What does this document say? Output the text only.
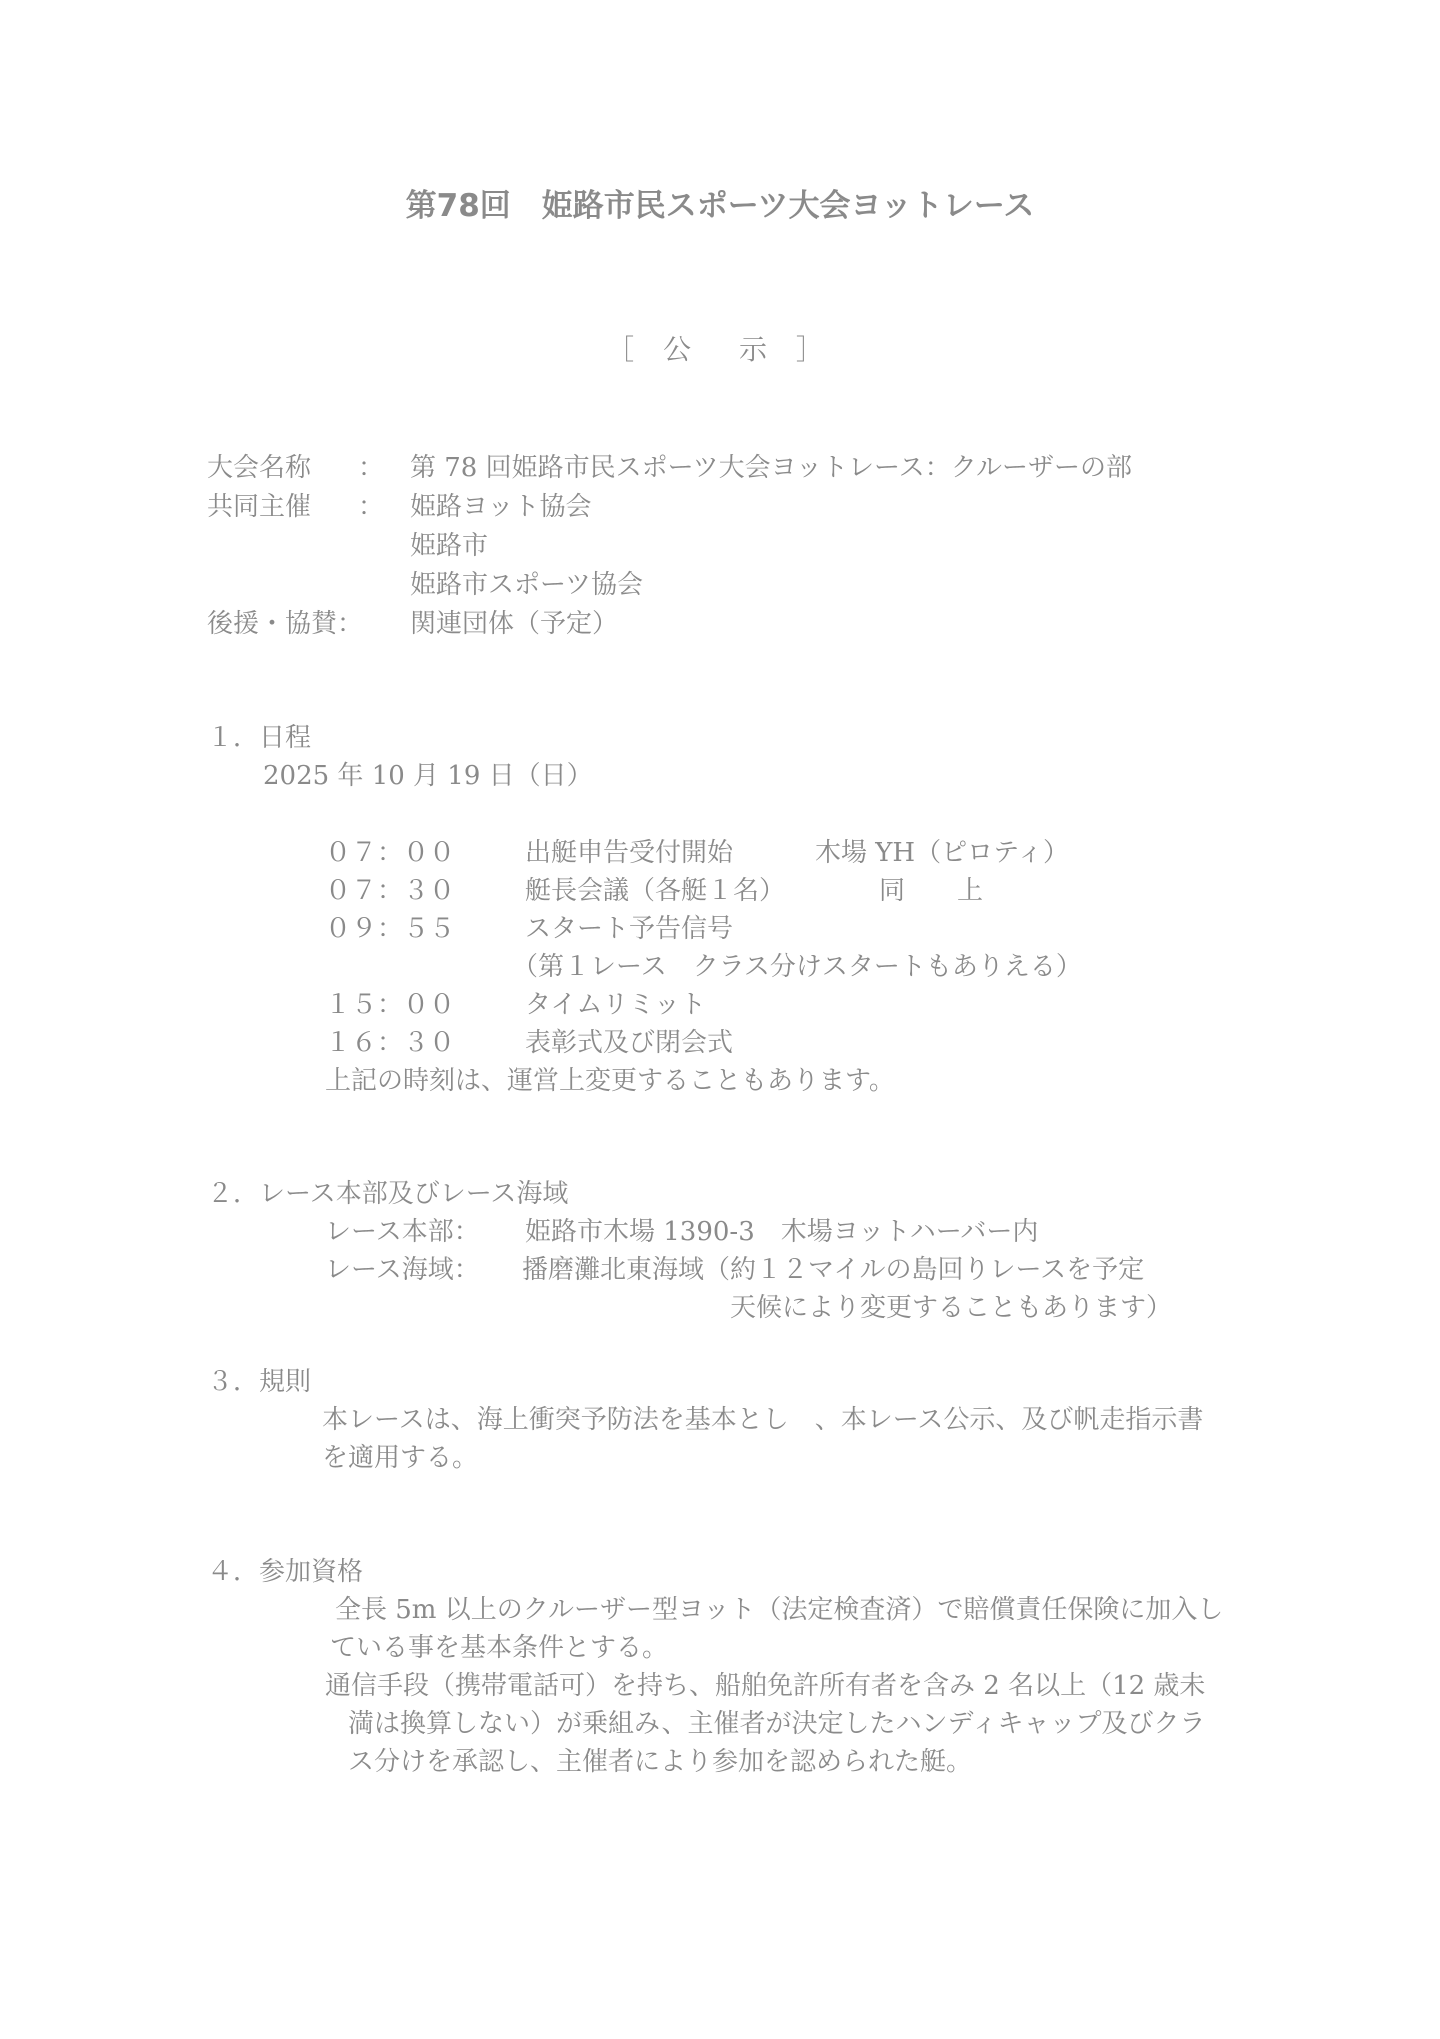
第78回　姫路市民スポーツ大会ヨットレース
［ 公　示 ］
大会名称 ： 第 78 回姫路市民スポーツ大会ヨットレース：クルーザーの部
共同主催 ： 姫路ヨット協会
姫路市
姫路市スポーツ協会
後援・協賛： 関連団体（予定）
１．日程
2025 年 10 月 19 日（日）
０７：００	出艇申告受付開始	木場 YH（ピロティ）
０７：３０	艇長会議（各艇１名）	同　　上
０９：５５	スタート予告信号
（第１レース　クラス分けスタートもありえる）
１５：００	タイムリミット
１６：３０	表彰式及び閉会式
上記の時刻は、運営上変更することもあります。
２．レース本部及びレース海域
レース本部： 姫路市木場 1390-3　木場ヨットハーバー内
レース海域： 播磨灘北東海域（約１２マイルの島回りレースを予定
天候により変更することもあります）
３．規則
本レースは、海上衝突予防法を基本とし　、本レース公示、及び帆走指示書
を適用する。
４．参加資格
全長 5m 以上のクルーザー型ヨット（法定検査済）で賠償責任保険に加入し
ている事を基本条件とする。
通信手段（携帯電話可）を持ち、船舶免許所有者を含み 2 名以上（12 歳未
満は換算しない）が乗組み、主催者が決定したハンディキャップ及びクラ
ス分けを承認し、主催者により参加を認められた艇。
